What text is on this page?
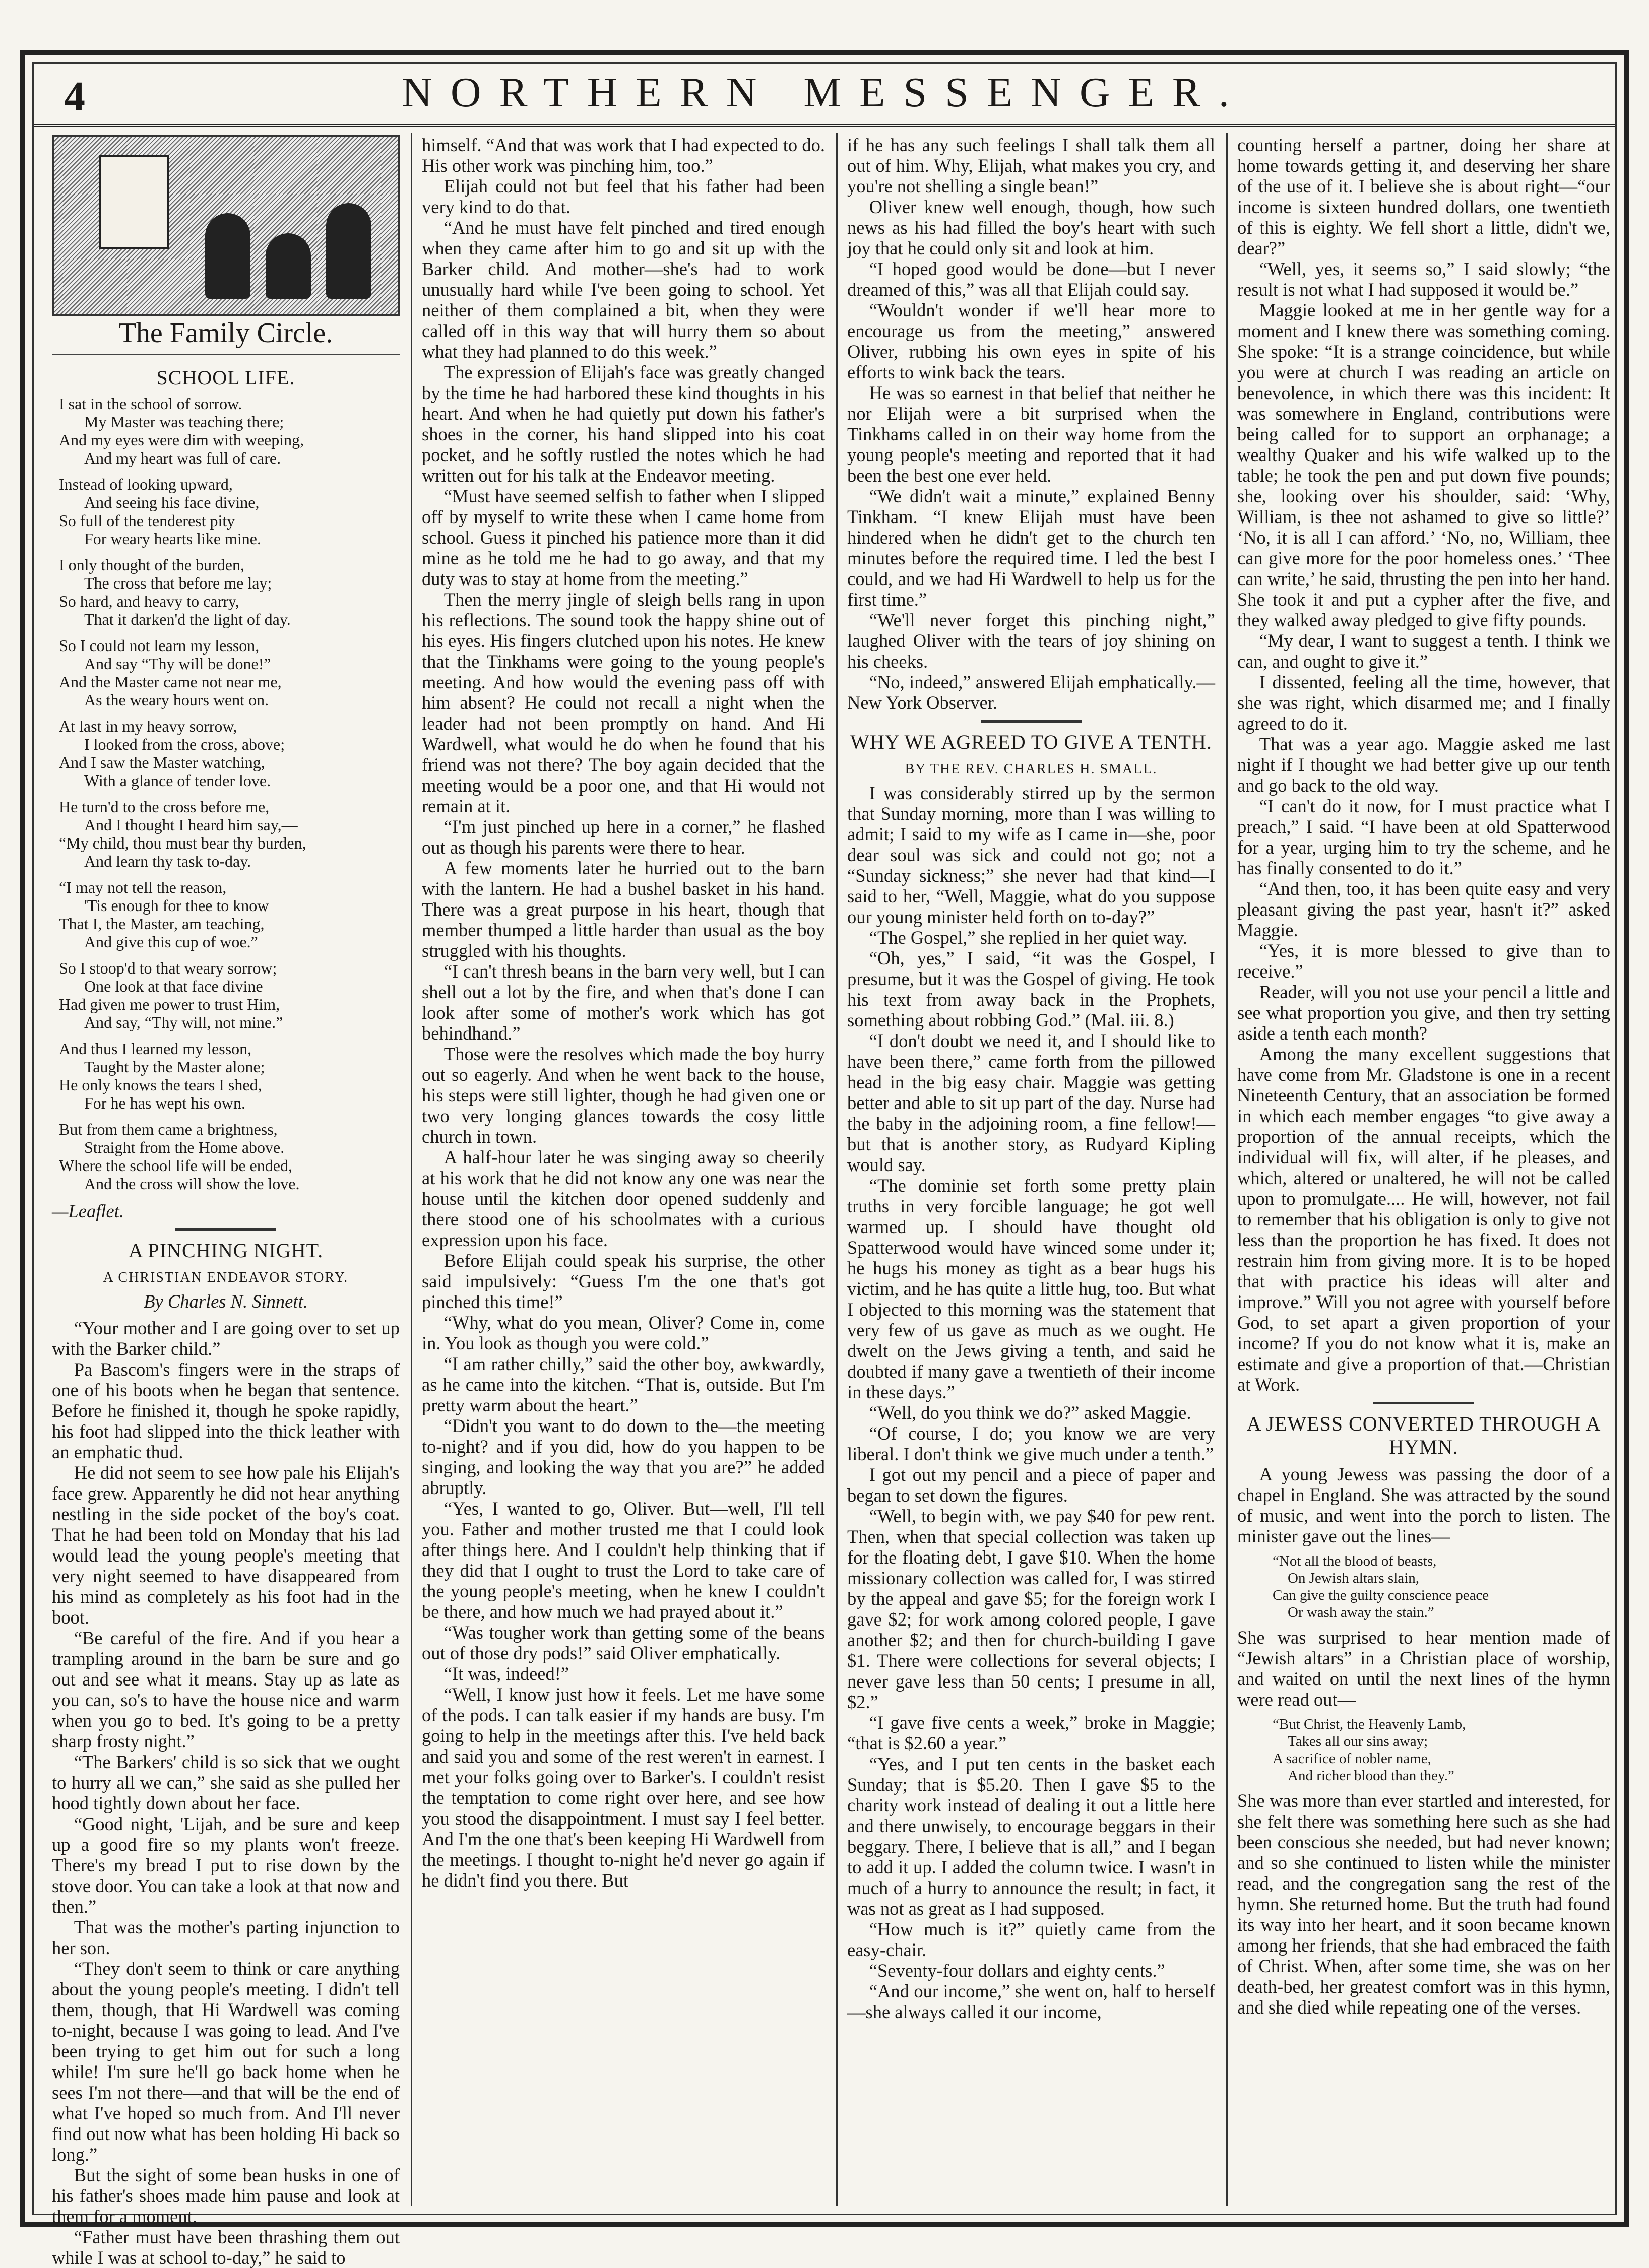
4	NORTHERN MESSENGER.
The Family Circle.
SCHOOL LIFE.
I sat in the school of sorrow.
My Master was teaching there;
And my eyes were dim with weeping,
And my heart was full of care.
Instead of looking upward,
And seeing his face divine,
So full of the tenderest pity
For weary hearts like mine.
I only thought of the burden,
The cross that before me lay;
So hard, and heavy to carry,
That it darken'd the light of day.
So I could not learn my lesson,
And say “Thy will be done!”
And the Master came not near me,
As the weary hours went on.
At last in my heavy sorrow,
I looked from the cross, above;
And I saw the Master watching,
With a glance of tender love.
He turn'd to the cross before me,
And I thought I heard him say,—
“My child, thou must bear thy burden,
And learn thy task to-day.
“I may not tell the reason,
'Tis enough for thee to know
That I, the Master, am teaching,
And give this cup of woe.”
So I stoop'd to that weary sorrow;
One look at that face divine
Had given me power to trust Him,
And say, “Thy will, not mine.”
And thus I learned my lesson,
Taught by the Master alone;
He only knows the tears I shed,
For he has wept his own.
But from them came a brightness,
Straight from the Home above.
Where the school life will be ended,
And the cross will show the love.
—Leaflet.
A PINCHING NIGHT.
A CHRISTIAN ENDEAVOR STORY.
By Charles N. Sinnett.

“Your mother and I are going over to set up with the Barker child.”

Pa Bascom's fingers were in the straps of one of his boots when he began that sentence. Before he finished it, though he spoke rapidly, his foot had slipped into the thick leather with an emphatic thud.

He did not seem to see how pale his Elijah's face grew. Apparently he did not hear anything nestling in the side pocket of the boy's coat. That he had been told on Monday that his lad would lead the young people's meeting that very night seemed to have disappeared from his mind as completely as his foot had in the boot.

“Be careful of the fire. And if you hear a trampling around in the barn be sure and go out and see what it means. Stay up as late as you can, so's to have the house nice and warm when you go to bed. It's going to be a pretty sharp frosty night.”

“The Barkers' child is so sick that we ought to hurry all we can,” she said as she pulled her hood tightly down about her face.

“Good night, 'Lijah, and be sure and keep up a good fire so my plants won't freeze. There's my bread I put to rise down by the stove door. You can take a look at that now and then.”

That was the mother's parting injunction to her son.

“They don't seem to think or care anything about the young people's meeting. I didn't tell them, though, that Hi Wardwell was coming to-night, because I was going to lead. And I've been trying to get him out for such a long while! I'm sure he'll go back home when he sees I'm not there—and that will be the end of what I've hoped so much from. And I'll never find out now what has been holding Hi back so long.”

But the sight of some bean husks in one of his father's shoes made him pause and look at them for a moment.

“Father must have been thrashing them out while I was at school to-day,” he said to

himself. “And that was work that I had expected to do. His other work was pinching him, too.”

Elijah could not but feel that his father had been very kind to do that.

“And he must have felt pinched and tired enough when they came after him to go and sit up with the Barker child. And mother—she's had to work unusually hard while I've been going to school. Yet neither of them complained a bit, when they were called off in this way that will hurry them so about what they had planned to do this week.”

The expression of Elijah's face was greatly changed by the time he had harbored these kind thoughts in his heart. And when he had quietly put down his father's shoes in the corner, his hand slipped into his coat pocket, and he softly rustled the notes which he had written out for his talk at the Endeavor meeting.

“Must have seemed selfish to father when I slipped off by myself to write these when I came home from school. Guess it pinched his patience more than it did mine as he told me he had to go away, and that my duty was to stay at home from the meeting.”

Then the merry jingle of sleigh bells rang in upon his reflections. The sound took the happy shine out of his eyes. His fingers clutched upon his notes. He knew that the Tinkhams were going to the young people's meeting. And how would the evening pass off with him absent? He could not recall a night when the leader had not been promptly on hand. And Hi Wardwell, what would he do when he found that his friend was not there? The boy again decided that the meeting would be a poor one, and that Hi would not remain at it.

“I'm just pinched up here in a corner,” he flashed out as though his parents were there to hear.

A few moments later he hurried out to the barn with the lantern. He had a bushel basket in his hand. There was a great purpose in his heart, though that member thumped a little harder than usual as the boy struggled with his thoughts.

“I can't thresh beans in the barn very well, but I can shell out a lot by the fire, and when that's done I can look after some of mother's work which has got behindhand.”

Those were the resolves which made the boy hurry out so eagerly. And when he went back to the house, his steps were still lighter, though he had given one or two very longing glances towards the cosy little church in town.

A half-hour later he was singing away so cheerily at his work that he did not know any one was near the house until the kitchen door opened suddenly and there stood one of his schoolmates with a curious expression upon his face.

Before Elijah could speak his surprise, the other said impulsively: “Guess I'm the one that's got pinched this time!”

“Why, what do you mean, Oliver? Come in, come in. You look as though you were cold.”

“I am rather chilly,” said the other boy, awkwardly, as he came into the kitchen. “That is, outside. But I'm pretty warm about the heart.”

“Didn't you want to do down to the—the meeting to-night? and if you did, how do you happen to be singing, and looking the way that you are?” he added abruptly.

“Yes, I wanted to go, Oliver. But—well, I'll tell you. Father and mother trusted me that I could look after things here. And I couldn't help thinking that if they did that I ought to trust the Lord to take care of the young people's meeting, when he knew I couldn't be there, and how much we had prayed about it.”

“Was tougher work than getting some of the beans out of those dry pods!” said Oliver emphatically.

“It was, indeed!”

“Well, I know just how it feels. Let me have some of the pods. I can talk easier if my hands are busy. I'm going to help in the meetings after this. I've held back and said you and some of the rest weren't in earnest. I met your folks going over to Barker's. I couldn't resist the temptation to come right over here, and see how you stood the disappointment. I must say I feel better. And I'm the one that's been keeping Hi Wardwell from the meetings. I thought to-night he'd never go again if he didn't find you there. But

if he has any such feelings I shall talk them all out of him. Why, Elijah, what makes you cry, and you're not shelling a single bean!”

Oliver knew well enough, though, how such news as his had filled the boy's heart with such joy that he could only sit and look at him.

“I hoped good would be done—but I never dreamed of this,” was all that Elijah could say.

“Wouldn't wonder if we'll hear more to encourage us from the meeting,” answered Oliver, rubbing his own eyes in spite of his efforts to wink back the tears.

He was so earnest in that belief that neither he nor Elijah were a bit surprised when the Tinkhams called in on their way home from the young people's meeting and reported that it had been the best one ever held.

“We didn't wait a minute,” explained Benny Tinkham. “I knew Elijah must have been hindered when he didn't get to the church ten minutes before the required time. I led the best I could, and we had Hi Wardwell to help us for the first time.”

“We'll never forget this pinching night,” laughed Oliver with the tears of joy shining on his cheeks.

“No, indeed,” answered Elijah emphatically.—New York Observer.

WHY WE AGREED TO GIVE A TENTH.
BY THE REV. CHARLES H. SMALL.

I was considerably stirred up by the sermon that Sunday morning, more than I was willing to admit; I said to my wife as I came in—she, poor dear soul was sick and could not go; not a “Sunday sickness;” she never had that kind—I said to her, “Well, Maggie, what do you suppose our young minister held forth on to-day?”

“The Gospel,” she replied in her quiet way.

“Oh, yes,” I said, “it was the Gospel, I presume, but it was the Gospel of giving. He took his text from away back in the Prophets, something about robbing God.” (Mal. iii. 8.)

“I don't doubt we need it, and I should like to have been there,” came forth from the pillowed head in the big easy chair. Maggie was getting better and able to sit up part of the day. Nurse had the baby in the adjoining room, a fine fellow!—but that is another story, as Rudyard Kipling would say.

“The dominie set forth some pretty plain truths in very forcible language; he got well warmed up. I should have thought old Spatterwood would have winced some under it; he hugs his money as tight as a bear hugs his victim, and he has quite a little hug, too. But what I objected to this morning was the statement that very few of us gave as much as we ought. He dwelt on the Jews giving a tenth, and said he doubted if many gave a twentieth of their income in these days.”

“Well, do you think we do?” asked Maggie.

“Of course, I do; you know we are very liberal. I don't think we give much under a tenth.”

I got out my pencil and a piece of paper and began to set down the figures.

“Well, to begin with, we pay $40 for pew rent. Then, when that special collection was taken up for the floating debt, I gave $10. When the home missionary collection was called for, I was stirred by the appeal and gave $5; for the foreign work I gave $2; for work among colored people, I gave another $2; and then for church-building I gave $1. There were collections for several objects; I never gave less than 50 cents; I presume in all, $2.”

“I gave five cents a week,” broke in Maggie; “that is $2.60 a year.”

“Yes, and I put ten cents in the basket each Sunday; that is $5.20. Then I gave $5 to the charity work instead of dealing it out a little here and there unwisely, to encourage beggars in their beggary. There, I believe that is all,” and I began to add it up. I added the column twice. I wasn't in much of a hurry to announce the result; in fact, it was not as great as I had supposed.

“How much is it?” quietly came from the easy-chair.

“Seventy-four dollars and eighty cents.”

“And our income,” she went on, half to herself—she always called it our income,

counting herself a partner, doing her share at home towards getting it, and deserving her share of the use of it. I believe she is about right—“our income is sixteen hundred dollars, one twentieth of this is eighty. We fell short a little, didn't we, dear?”

“Well, yes, it seems so,” I said slowly; “the result is not what I had supposed it would be.”

Maggie looked at me in her gentle way for a moment and I knew there was something coming. She spoke: “It is a strange coincidence, but while you were at church I was reading an article on benevolence, in which there was this incident: It was somewhere in England, contributions were being called for to support an orphanage; a wealthy Quaker and his wife walked up to the table; he took the pen and put down five pounds; she, looking over his shoulder, said: ‘Why, William, is thee not ashamed to give so little?’ ‘No, it is all I can afford.’ ‘No, no, William, thee can give more for the poor homeless ones.’ ‘Thee can write,’ he said, thrusting the pen into her hand. She took it and put a cypher after the five, and they walked away pledged to give fifty pounds.

“My dear, I want to suggest a tenth. I think we can, and ought to give it.”

I dissented, feeling all the time, however, that she was right, which disarmed me; and I finally agreed to do it.

That was a year ago. Maggie asked me last night if I thought we had better give up our tenth and go back to the old way.

“I can't do it now, for I must practice what I preach,” I said. “I have been at old Spatterwood for a year, urging him to try the scheme, and he has finally consented to do it.”

“And then, too, it has been quite easy and very pleasant giving the past year, hasn't it?” asked Maggie.

“Yes, it is more blessed to give than to receive.”

Reader, will you not use your pencil a little and see what proportion you give, and then try setting aside a tenth each month?

Among the many excellent suggestions that have come from Mr. Gladstone is one in a recent Nineteenth Century, that an association be formed in which each member engages “to give away a proportion of the annual receipts, which the individual will fix, will alter, if he pleases, and which, altered or unaltered, he will not be called upon to promulgate.... He will, however, not fail to remember that his obligation is only to give not less than the proportion he has fixed. It does not restrain him from giving more. It is to be hoped that with practice his ideas will alter and improve.” Will you not agree with yourself before God, to set apart a given proportion of your income? If you do not know what it is, make an estimate and give a proportion of that.—Christian at Work.

A JEWESS CONVERTED THROUGH A HYMN.

A young Jewess was passing the door of a chapel in England. She was attracted by the sound of music, and went into the porch to listen. The minister gave out the lines—

“Not all the blood of beasts,
On Jewish altars slain,
Can give the guilty conscience peace
Or wash away the stain.”

She was surprised to hear mention made of “Jewish altars” in a Christian place of worship, and waited on until the next lines of the hymn were read out—

“But Christ, the Heavenly Lamb,
Takes all our sins away;
A sacrifice of nobler name,
And richer blood than they.”

She was more than ever startled and interested, for she felt there was something here such as she had been conscious she needed, but had never known; and so she continued to listen while the minister read, and the congregation sang the rest of the hymn. She returned home. But the truth had found its way into her heart, and it soon became known among her friends, that she had embraced the faith of Christ. When, after some time, she was on her death-bed, her greatest comfort was in this hymn, and she died while repeating one of the verses.
